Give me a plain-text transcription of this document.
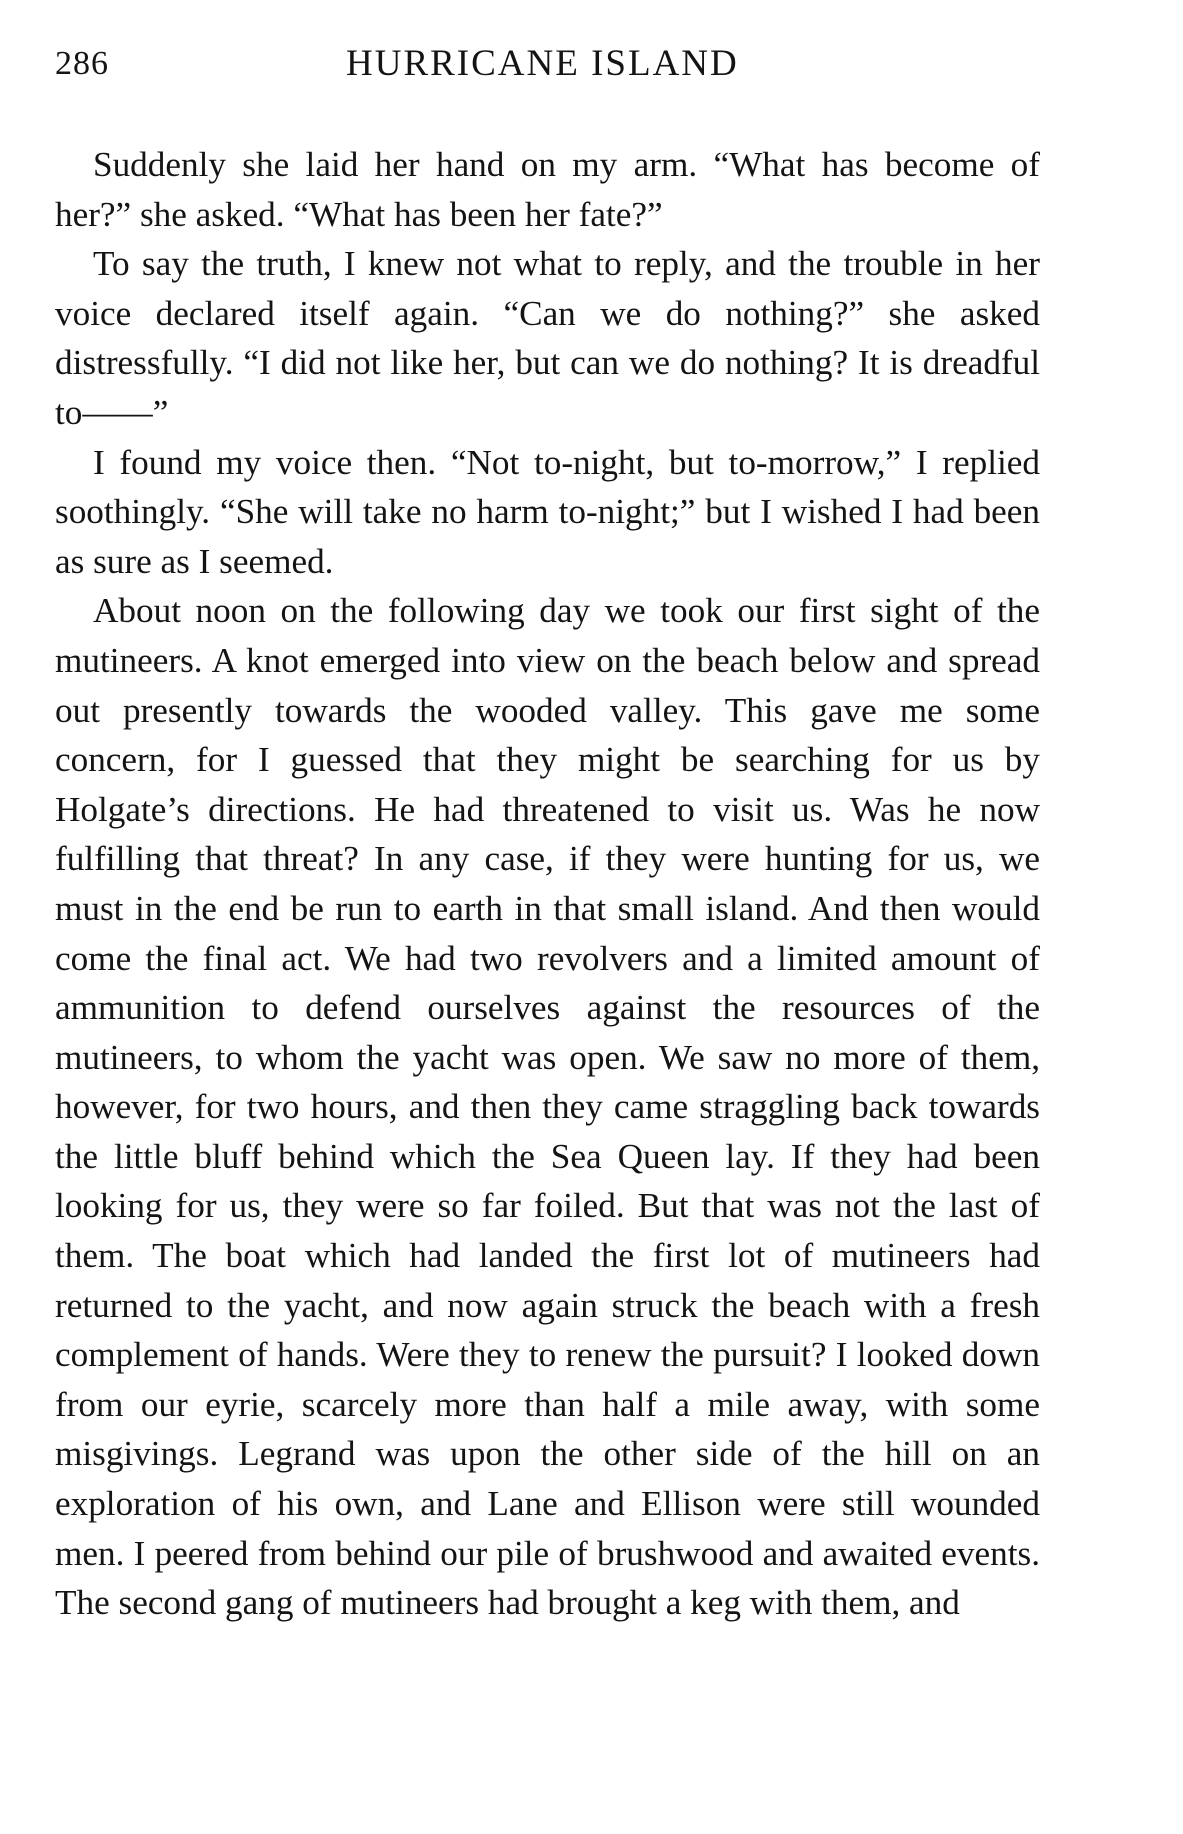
286	HURRICANE ISLAND

Suddenly she laid her hand on my arm. “What has become of her?” she asked. “What has been her fate?”

To say the truth, I knew not what to reply, and the trouble in her voice declared itself again. “Can we do nothing?” she asked distressfully. “I did not like her, but can we do nothing? It is dreadful to——”

I found my voice then. “Not to-night, but to-morrow,” I replied soothingly. “She will take no harm to-night;” but I wished I had been as sure as I seemed.

About noon on the following day we took our first sight of the mutineers. A knot emerged into view on the beach below and spread out presently towards the wooded valley. This gave me some concern, for I guessed that they might be searching for us by Holgate’s directions. He had threatened to visit us. Was he now fulfilling that threat? In any case, if they were hunting for us, we must in the end be run to earth in that small island. And then would come the final act. We had two revolvers and a limited amount of ammunition to defend ourselves against the resources of the mutineers, to whom the yacht was open. We saw no more of them, however, for two hours, and then they came straggling back towards the little bluff behind which the Sea Queen lay. If they had been looking for us, they were so far foiled. But that was not the last of them. The boat which had landed the first lot of mutineers had returned to the yacht, and now again struck the beach with a fresh complement of hands. Were they to renew the pursuit? I looked down from our eyrie, scarcely more than half a mile away, with some misgivings. Legrand was upon the other side of the hill on an exploration of his own, and Lane and Ellison were still wounded men. I peered from behind our pile of brushwood and awaited events. The second gang of mutineers had brought a keg with them, and
